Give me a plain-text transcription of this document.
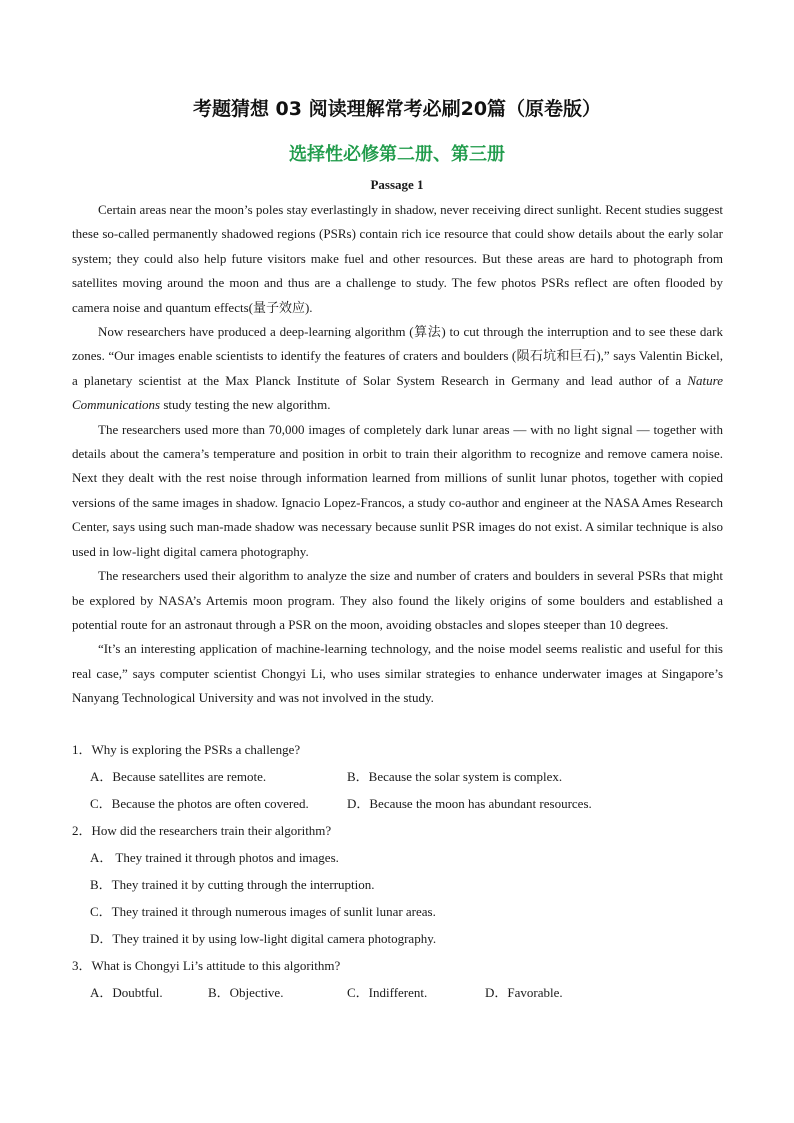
考题猜想 03 阅读理解常考必刷20篇（原卷版）
选择性必修第二册、第三册
Passage 1

Certain areas near the moon’s poles stay everlastingly in shadow, never receiving direct sunlight. Recent studies suggest these so-called permanently shadowed regions (PSRs) contain rich ice resource that could show details about the early solar system; they could also help future visitors make fuel and other resources. But these areas are hard to photograph from satellites moving around the moon and thus are a challenge to study. The few photos PSRs reflect are often flooded by camera noise and quantum effects(量子效应).

Now researchers have produced a deep-learning algorithm (算法) to cut through the interruption and to see these dark zones. “Our images enable scientists to identify the features of craters and boulders (陨石坑和巨石),” says Valentin Bickel, a planetary scientist at the Max Planck Institute of Solar System Research in Germany and lead author of a Nature Communications study testing the new algorithm.

The researchers used more than 70,000 images of completely dark lunar areas — with no light signal — together with details about the camera’s temperature and position in orbit to train their algorithm to recognize and remove camera noise. Next they dealt with the rest noise through information learned from millions of sunlit lunar photos, together with copied versions of the same images in shadow. Ignacio Lopez-Francos, a study co-author and engineer at the NASA Ames Research Center, says using such man-made shadow was necessary because sunlit PSR images do not exist. A similar technique is also used in low-light digital camera photography.

The researchers used their algorithm to analyze the size and number of craters and boulders in several PSRs that might be explored by NASA’s Artemis moon program. They also found the likely origins of some boulders and established a potential route for an astronaut through a PSR on the moon, avoiding obstacles and slopes steeper than 10 degrees.

“It’s an interesting application of machine-learning technology, and the noise model seems realistic and useful for this real case,” says computer scientist Chongyi Li, who uses similar strategies to enhance underwater images at Singapore’s Nanyang Technological University and was not involved in the study.

1．Why is exploring the PSRs a challenge?
A．Because satellites are remote.	B．Because the solar system is complex.
C．Because the photos are often covered.	D．Because the moon has abundant resources.
2．How did the researchers train their algorithm?
A． They trained it through photos and images.
B．They trained it by cutting through the interruption.
C．They trained it through numerous images of sunlit lunar areas.
D．They trained it by using low-light digital camera photography.
3．What is Chongyi Li’s attitude to this algorithm?
A．Doubtful.	B．Objective.	C．Indifferent.	D．Favorable.
